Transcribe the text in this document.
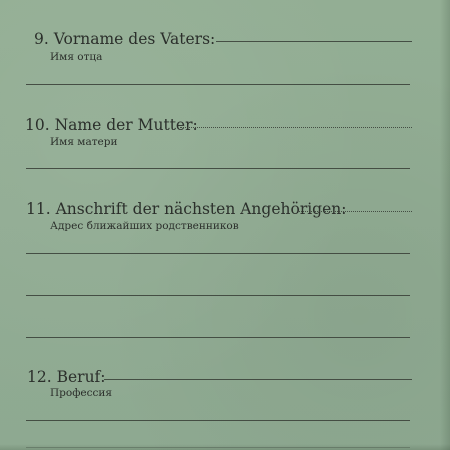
9. Vorname des Vaters:
Имя отца
10. Name der Mutter:
Имя матери
11. Anschrift der nächsten Angehörigen:
Адрес ближайших родственников
12. Beruf:
Профессия
